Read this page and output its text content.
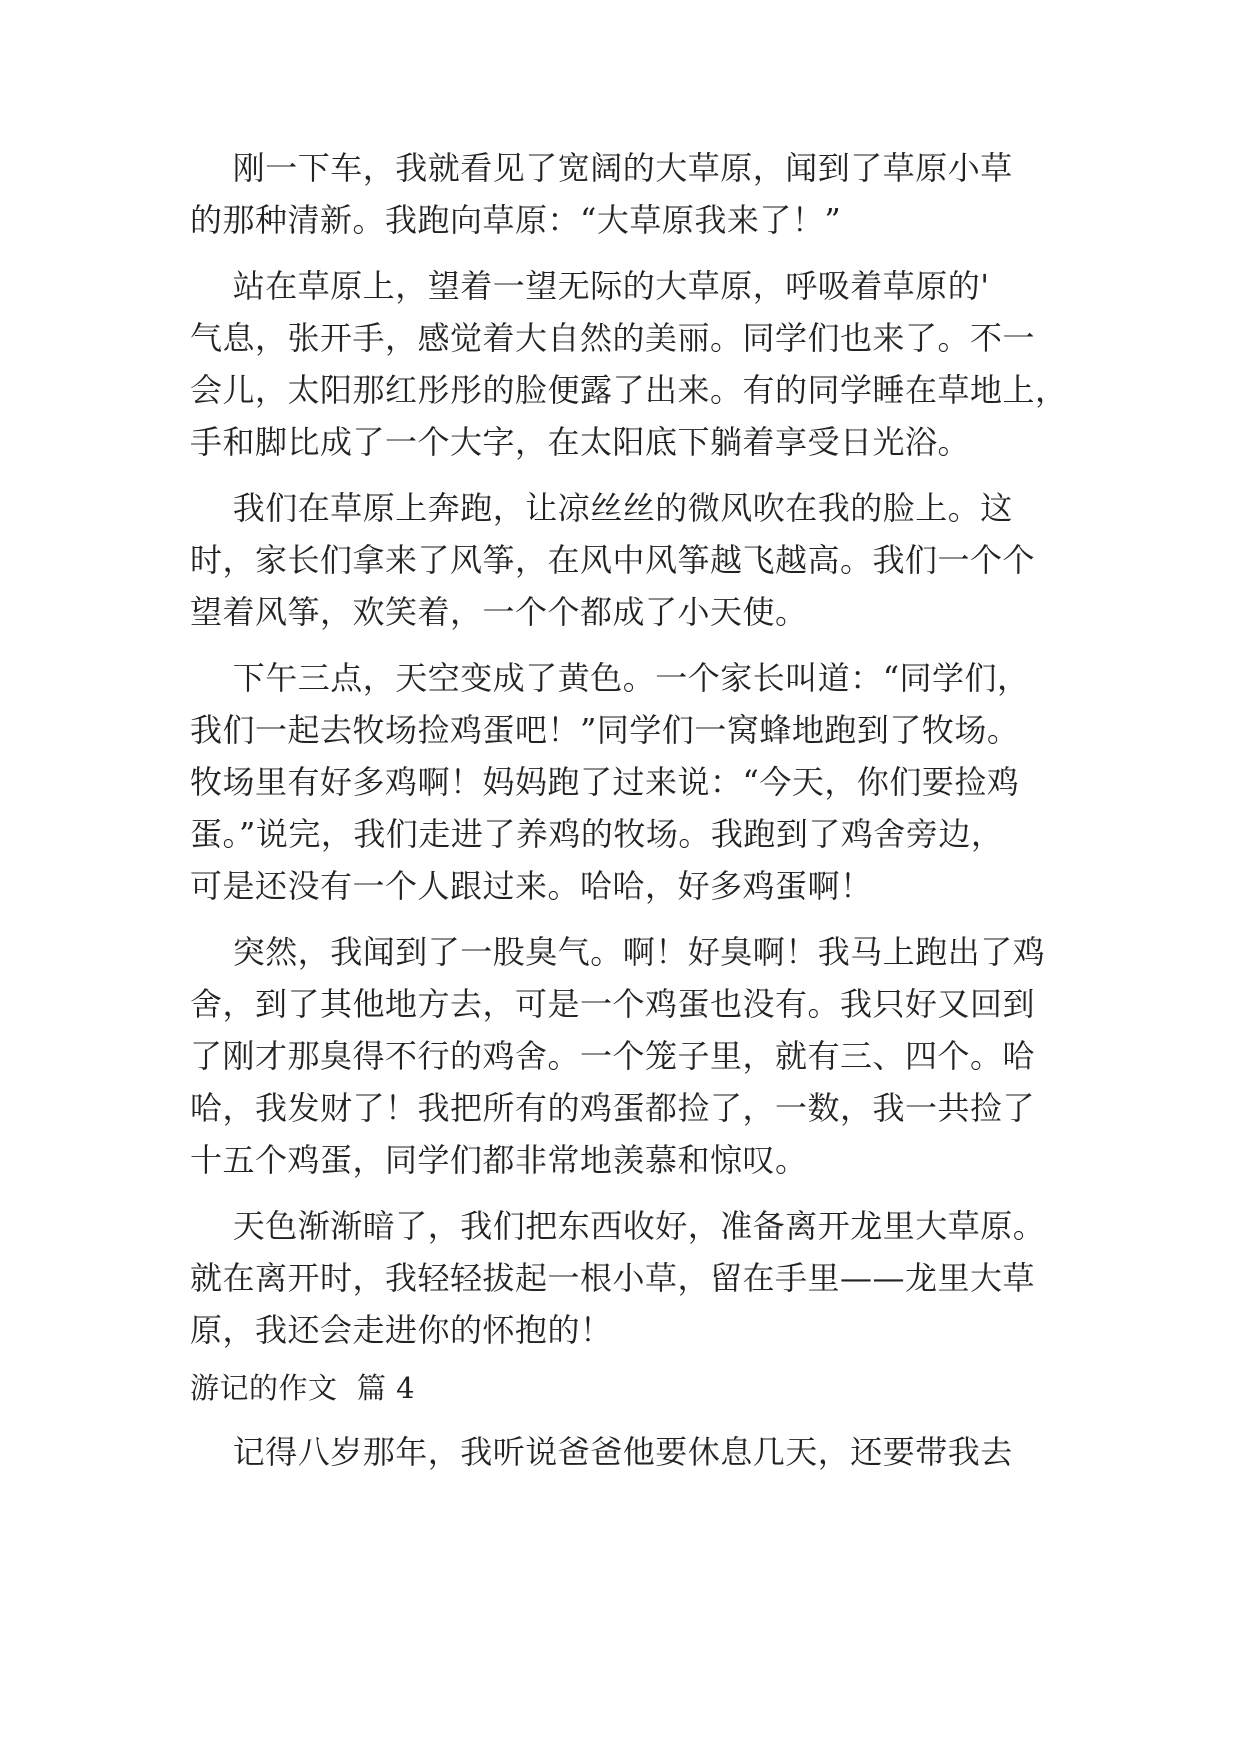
刚一下车，我就看见了宽阔的大草原，闻到了草原小草
的那种清新。我跑向草原：“大草原我来了！”
站在草原上，望着一望无际的大草原，呼吸着草原的'
气息，张开手，感觉着大自然的美丽。同学们也来了。不一
会儿，太阳那红彤彤的脸便露了出来。有的同学睡在草地上，
手和脚比成了一个大字，在太阳底下躺着享受日光浴。
我们在草原上奔跑，让凉丝丝的微风吹在我的脸上。这
时，家长们拿来了风筝，在风中风筝越飞越高。我们一个个
望着风筝，欢笑着，一个个都成了小天使。
下午三点，天空变成了黄色。一个家长叫道：“同学们，
我们一起去牧场捡鸡蛋吧！”同学们一窝蜂地跑到了牧场。
牧场里有好多鸡啊！妈妈跑了过来说：“今天，你们要捡鸡
蛋。”说完，我们走进了养鸡的牧场。我跑到了鸡舍旁边，
可是还没有一个人跟过来。哈哈，好多鸡蛋啊！
突然，我闻到了一股臭气。啊！好臭啊！我马上跑出了鸡
舍，到了其他地方去，可是一个鸡蛋也没有。我只好又回到
了刚才那臭得不行的鸡舍。一个笼子里，就有三、四个。哈
哈，我发财了！我把所有的鸡蛋都捡了，一数，我一共捡了
十五个鸡蛋，同学们都非常地羡慕和惊叹。
天色渐渐暗了，我们把东西收好，准备离开龙里大草原。
就在离开时，我轻轻拔起一根小草，留在手里——龙里大草
原，我还会走进你的怀抱的！
游记的作文  篇 4
记得八岁那年，我听说爸爸他要休息几天，还要带我去
